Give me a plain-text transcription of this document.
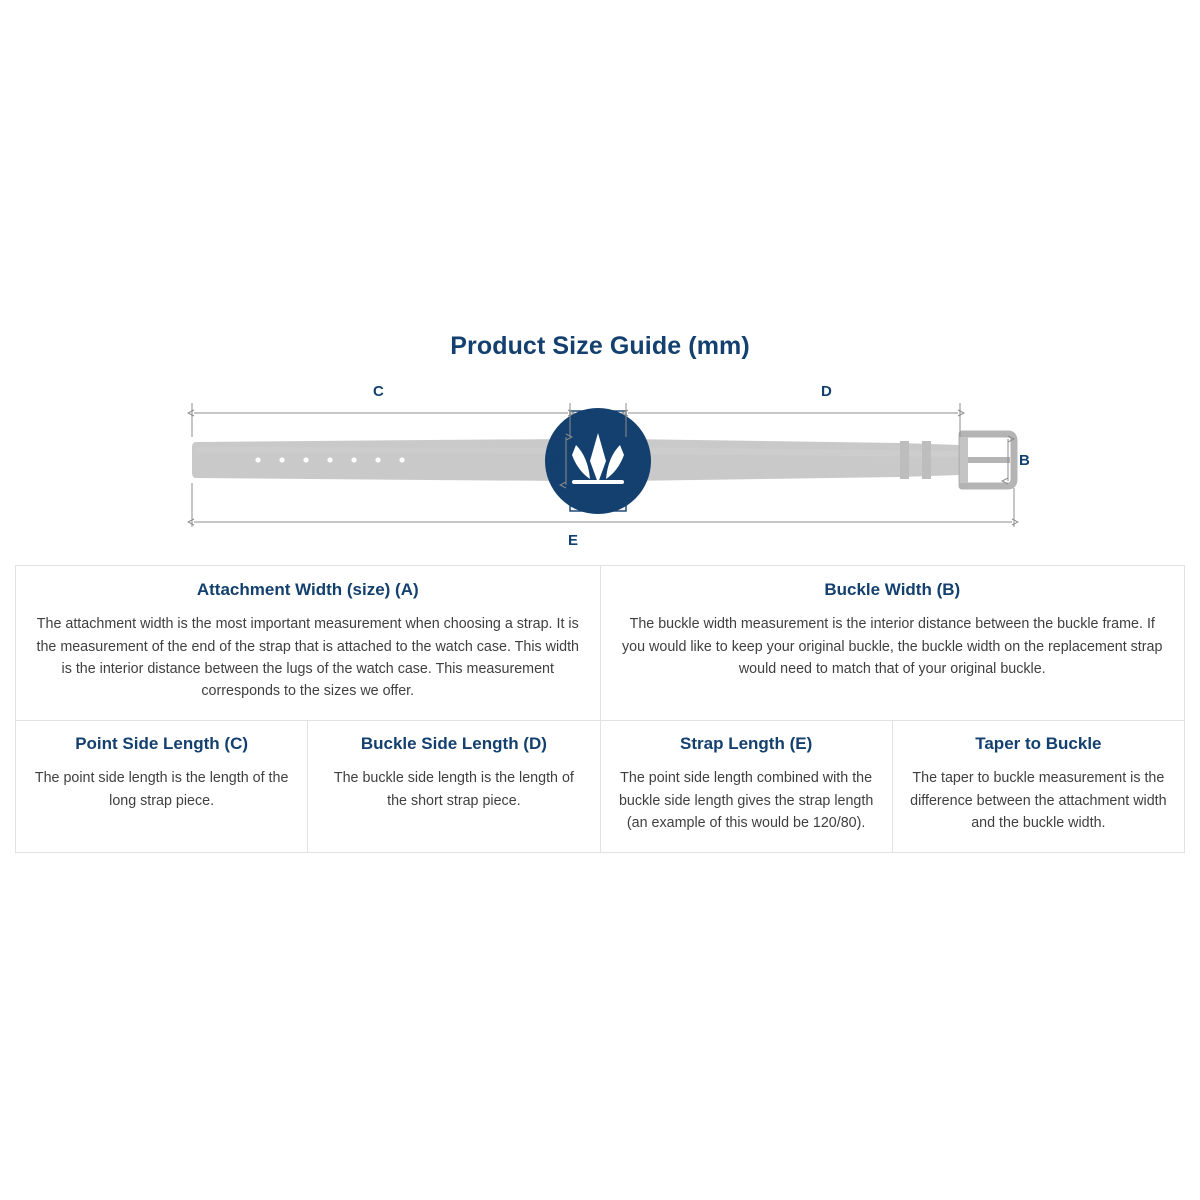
Product Size Guide (mm)
C	D
A	B
E
Attachment Width (size) (A)
The attachment width is the most important measurement when choosing a strap. It is the measurement of the end of the strap that is attached to the watch case. This width is the interior distance between the lugs of the watch case. This measurement corresponds to the sizes we offer.

Buckle Width (B)
The buckle width measurement is the interior distance between the buckle frame. If you would like to keep your original buckle, the buckle width on the replacement strap would need to match that of your original buckle.

Point Side Length (C)
The point side length is the length of the long strap piece.

Buckle Side Length (D)
The buckle side length is the length of the short strap piece.

Strap Length (E)
The point side length combined with the buckle side length gives the strap length (an example of this would be 120/80).

Taper to Buckle
The taper to buckle measurement is the difference between the attachment width and the buckle width.
